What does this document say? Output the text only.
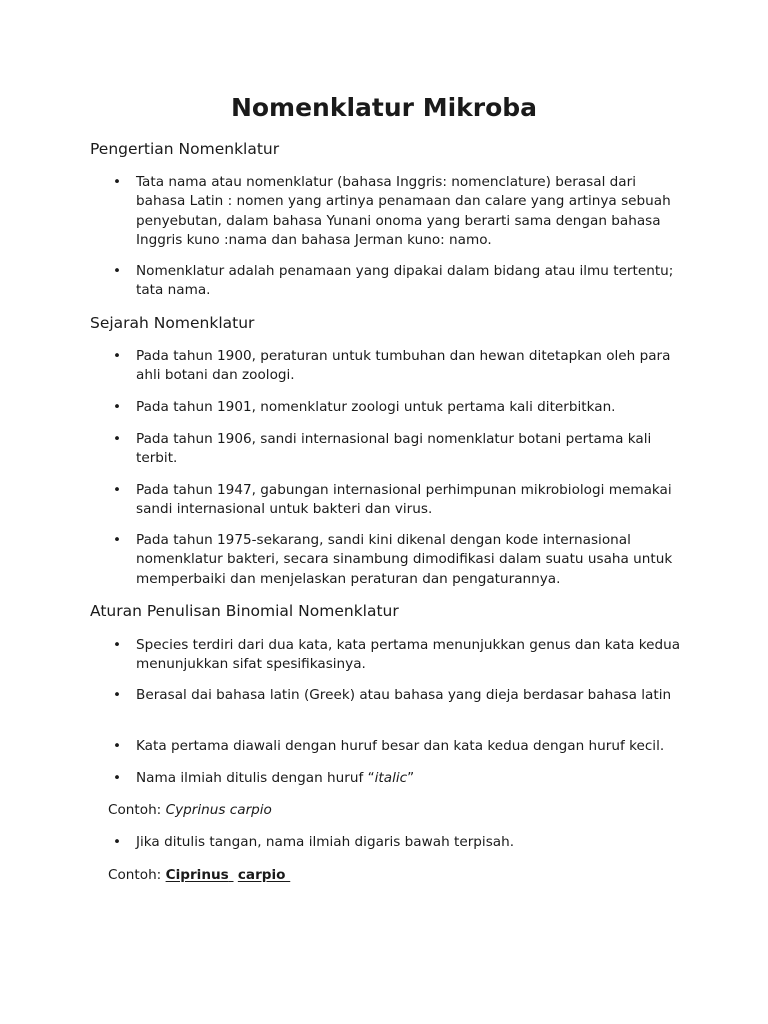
Nomenklatur Mikroba
Pengertian Nomenklatur
•	Tata nama atau nomenklatur (bahasa Inggris: nomenclature) berasal dari bahasa Latin : nomen yang artinya penamaan dan calare yang artinya sebuah penyebutan, dalam bahasa Yunani onoma yang berarti sama dengan bahasa Inggris kuno :nama dan bahasa Jerman kuno: namo.
•	Nomenklatur adalah penamaan yang dipakai dalam bidang atau ilmu tertentu; tata nama.
Sejarah Nomenklatur
•	Pada tahun 1900, peraturan untuk tumbuhan dan hewan ditetapkan oleh para ahli botani dan zoologi.
•	Pada tahun 1901, nomenklatur zoologi untuk pertama kali diterbitkan.
•	Pada tahun 1906, sandi internasional bagi nomenklatur botani pertama kali terbit.
•	Pada tahun 1947, gabungan internasional perhimpunan mikrobiologi memakai sandi internasional untuk bakteri dan virus.
•	Pada tahun 1975-sekarang, sandi kini dikenal dengan kode internasional nomenklatur bakteri, secara sinambung dimodifikasi dalam suatu usaha untuk memperbaiki dan menjelaskan peraturan dan pengaturannya.
Aturan Penulisan Binomial Nomenklatur
•	Species terdiri dari dua kata, kata pertama menunjukkan genus dan kata kedua menunjukkan sifat spesifikasinya.
•	Berasal dai bahasa latin (Greek) atau bahasa yang dieja berdasar bahasa latin
•	Kata pertama diawali dengan huruf besar dan kata kedua dengan huruf kecil.
•	Nama ilmiah ditulis dengan huruf “italic”
Contoh: Cyprinus carpio
•	Jika ditulis tangan, nama ilmiah digaris bawah terpisah.
Contoh: Ciprinus carpio
